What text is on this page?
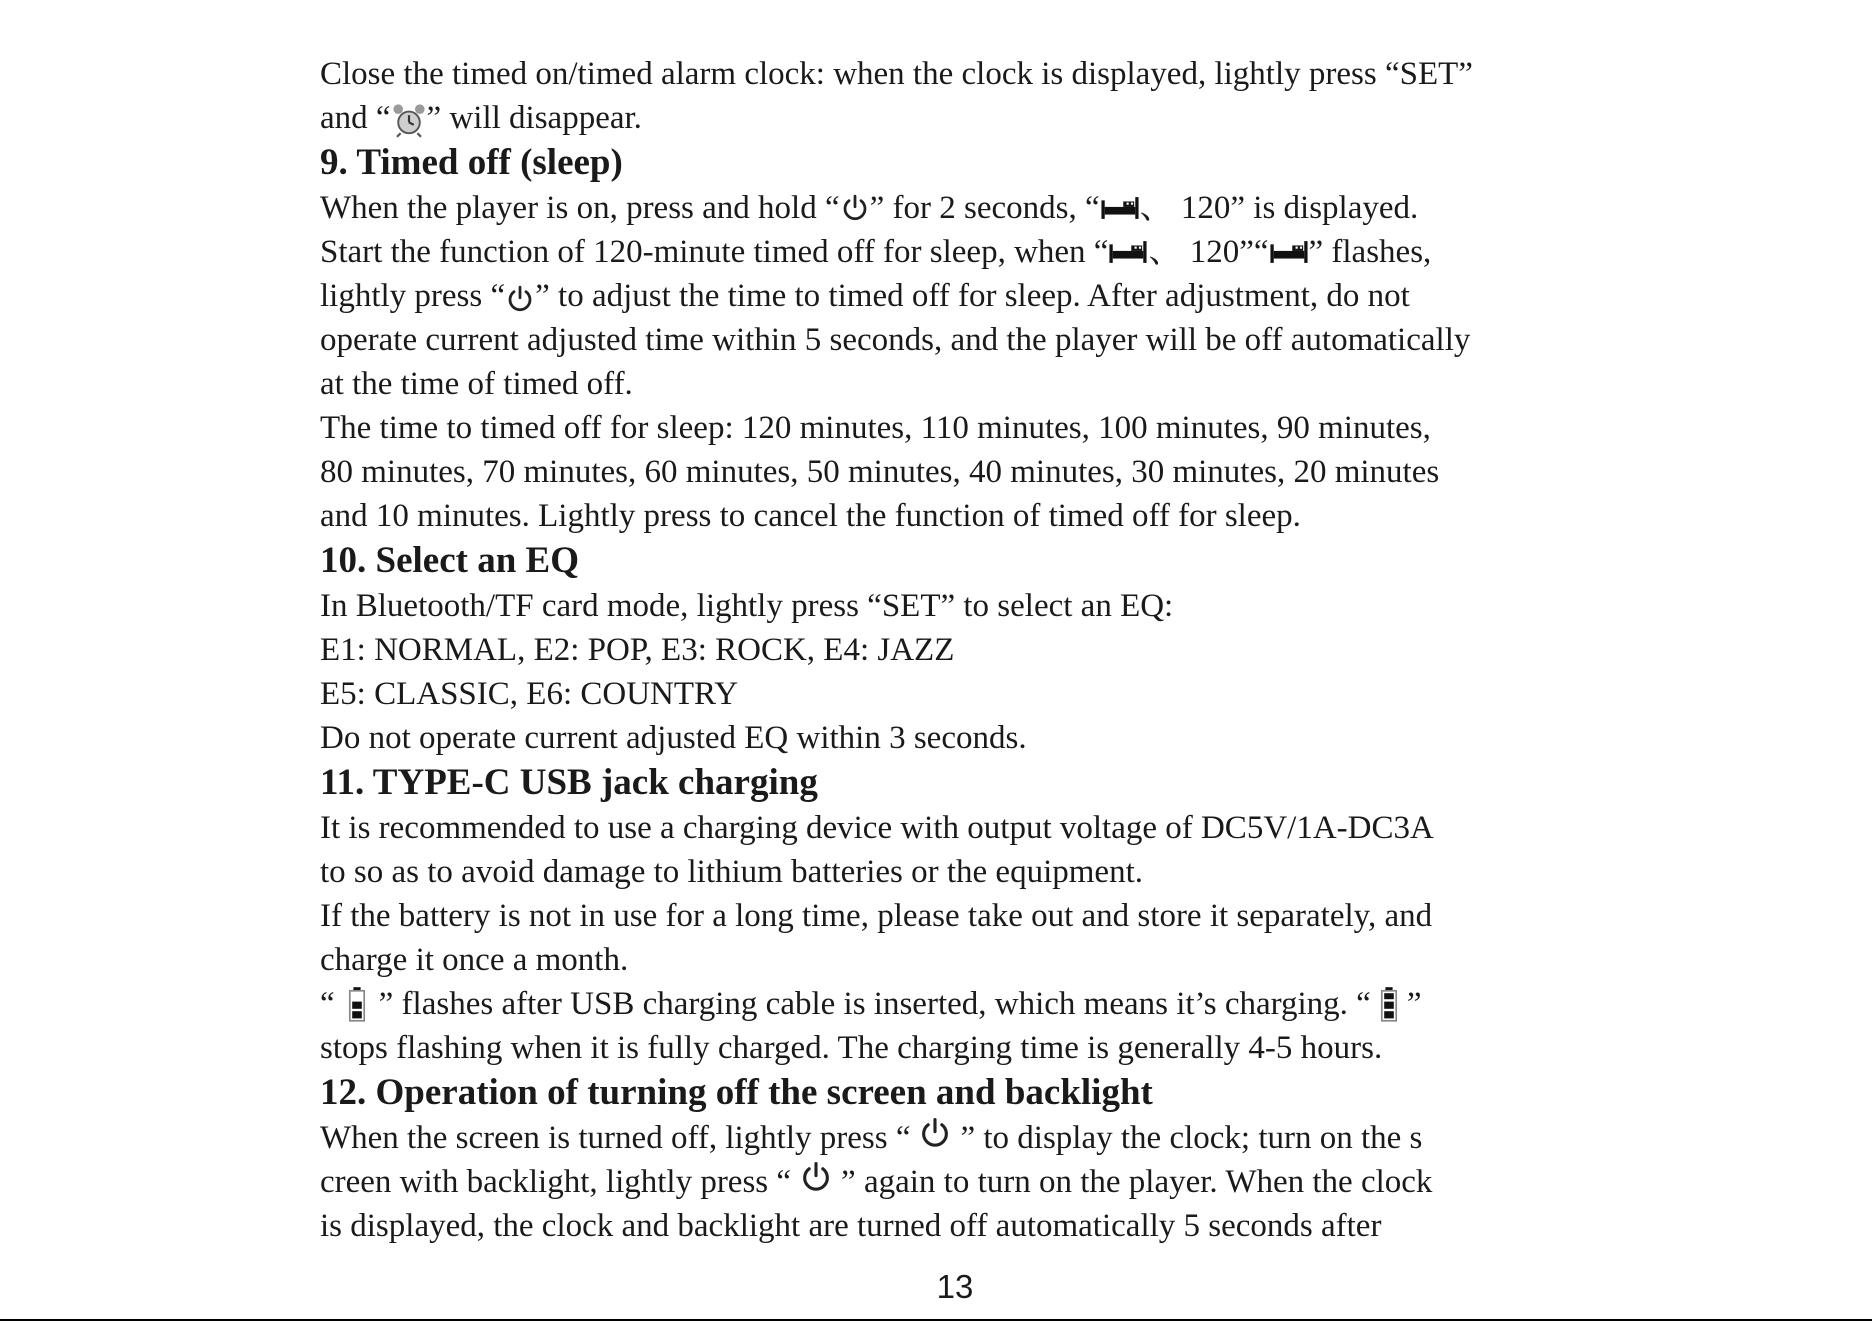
Close the timed on/timed alarm clock: when the clock is displayed, lightly press “SET”
and “ ” will disappear.
9. Timed off (sleep)
When the player is on, press and hold “ ” for 2 seconds, “ 、 120” is displayed.
Start the function of 120-minute timed off for sleep, when “ 、 120”“ ” flashes,
lightly press “ ” to adjust the time to timed off for sleep. After adjustment, do not
operate current adjusted time within 5 seconds, and the player will be off automatically
at the time of timed off.
The time to timed off for sleep: 120 minutes, 110 minutes, 100 minutes, 90 minutes,
80 minutes, 70 minutes, 60 minutes, 50 minutes, 40 minutes, 30 minutes, 20 minutes
and 10 minutes. Lightly press to cancel the function of timed off for sleep.
10. Select an EQ
In Bluetooth/TF card mode, lightly press “SET” to select an EQ:
E1: NORMAL, E2: POP, E3: ROCK, E4: JAZZ
E5: CLASSIC, E6: COUNTRY
Do not operate current adjusted EQ within 3 seconds.
11. TYPE-C USB jack charging
It is recommended to use a charging device with output voltage of DC5V/1A-DC3A
to so as to avoid damage to lithium batteries or the equipment.
If the battery is not in use for a long time, please take out and store it separately, and
charge it once a month.
“ ” flashes after USB charging cable is inserted, which means it’s charging. “ ”
stops flashing when it is fully charged. The charging time is generally 4-5 hours.
12. Operation of turning off the screen and backlight
When the screen is turned off, lightly press “ ” to display the clock; turn on the s
creen with backlight, lightly press “ ” again to turn on the player. When the clock
is displayed, the clock and backlight are turned off automatically 5 seconds after
13
